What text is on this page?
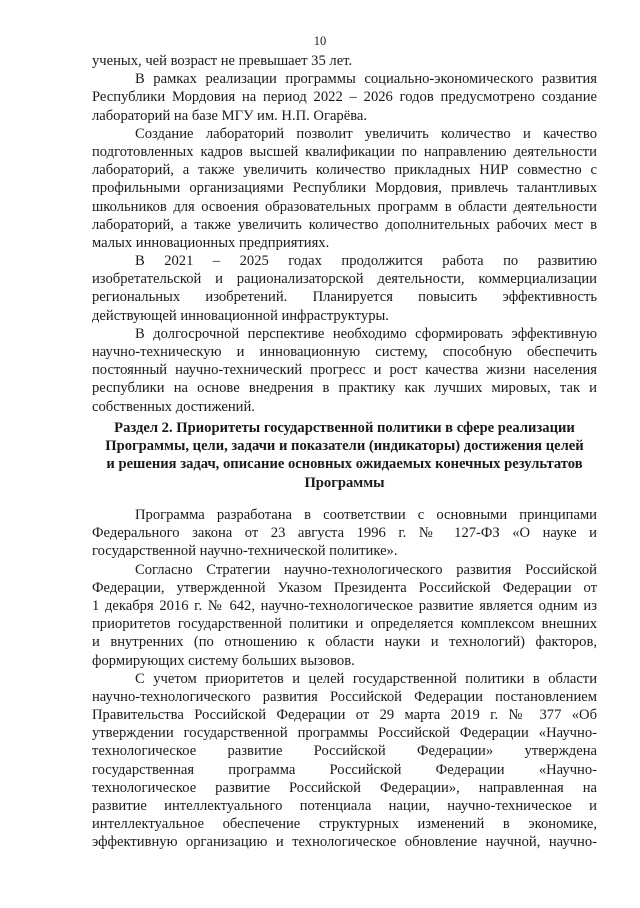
10
ученых, чей возраст не превышает 35 лет.
В рамках реализации программы социально-экономического развития
Республики Мордовия на период 2022 – 2026 годов предусмотрено создание
лабораторий на базе МГУ им. Н.П. Огарёва.
Создание лабораторий позволит увеличить количество и качество
подготовленных кадров высшей квалификации по направлению деятельности
лабораторий, а также увеличить количество прикладных НИР совместно с
профильными организациями Республики Мордовия, привлечь талантливых
школьников для освоения образовательных программ в области деятельности
лабораторий, а также увеличить количество дополнительных рабочих мест в
малых инновационных предприятиях.
В 2021 – 2025 годах продолжится работа по развитию
изобретательской и рационализаторской деятельности, коммерциализации
региональных изобретений. Планируется повысить эффективность
действующей инновационной инфраструктуры.
В долгосрочной перспективе необходимо сформировать эффективную
научно-техническую и инновационную систему, способную обеспечить
постоянный научно-технический прогресс и рост качества жизни населения
республики на основе внедрения в практику как лучших мировых, так и
собственных достижений.
Раздел 2. Приоритеты государственной политики в сфере реализации
Программы, цели, задачи и показатели (индикаторы) достижения целей
и решения задач, описание основных ожидаемых конечных результатов
Программы
Программа разработана в соответствии с основными принципами
Федерального закона от 23 августа 1996 г. № 127-ФЗ «О науке и
государственной научно-технической политике».
Согласно Стратегии научно-технологического развития Российской
Федерации, утвержденной Указом Президента Российской Федерации от
1 декабря 2016 г. № 642, научно-технологическое развитие является одним из
приоритетов государственной политики и определяется комплексом внешних
и внутренних (по отношению к области науки и технологий) факторов,
формирующих систему больших вызовов.
С учетом приоритетов и целей государственной политики в области
научно-технологического развития Российской Федерации постановлением
Правительства Российской Федерации от 29 марта 2019 г. № 377 «Об
утверждении государственной программы Российской Федерации «Научно-
технологическое развитие Российской Федерации» утверждена
государственная программа Российской Федерации «Научно-
технологическое развитие Российской Федерации», направленная на
развитие интеллектуального потенциала нации, научно-техническое и
интеллектуальное обеспечение структурных изменений в экономике,
эффективную организацию и технологическое обновление научной, научно-
